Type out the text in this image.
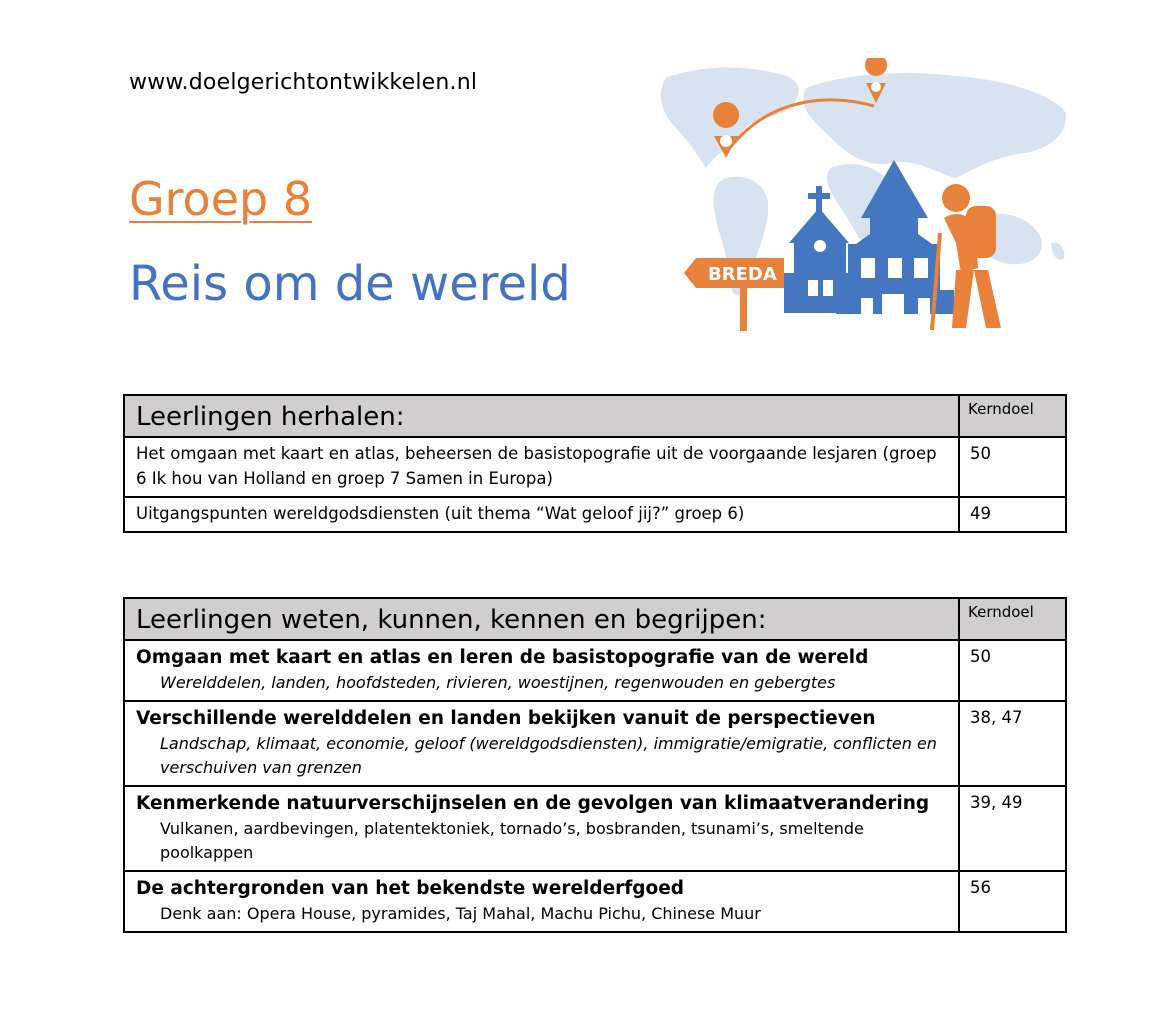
www.doelgerichtontwikkelen.nl
Groep 8
Reis om de wereld	BREDA
Leerlingen herhalen:	Kerndoel
Het omgaan met kaart en atlas, beheersen de basistopografie uit de voorgaande lesjaren (groep 6 Ik hou van Holland en groep 7 Samen in Europa)	50
Uitgangspunten wereldgodsdiensten (uit thema “Wat geloof jij?” groep 6)	49
Leerlingen weten, kunnen, kennen en begrijpen:	Kerndoel

Omgaan met kaart en atlas en leren de basistopografie van de wereld
Werelddelen, landen, hoofdsteden, rivieren, woestijnen, regenwouden en gebergtes	50

Verschillende werelddelen en landen bekijken vanuit de perspectieven
Landschap, klimaat, economie, geloof (wereldgodsdiensten), immigratie/emigratie, conflicten en verschuiven van grenzen	38, 47

Kenmerkende natuurverschijnselen en de gevolgen van klimaatverandering
Vulkanen, aardbevingen, platentektoniek, tornado’s, bosbranden, tsunami’s, smeltende poolkappen	39, 49

De achtergronden van het bekendste werelderfgoed
Denk aan: Opera House, pyramides, Taj Mahal, Machu Pichu, Chinese Muur	56
